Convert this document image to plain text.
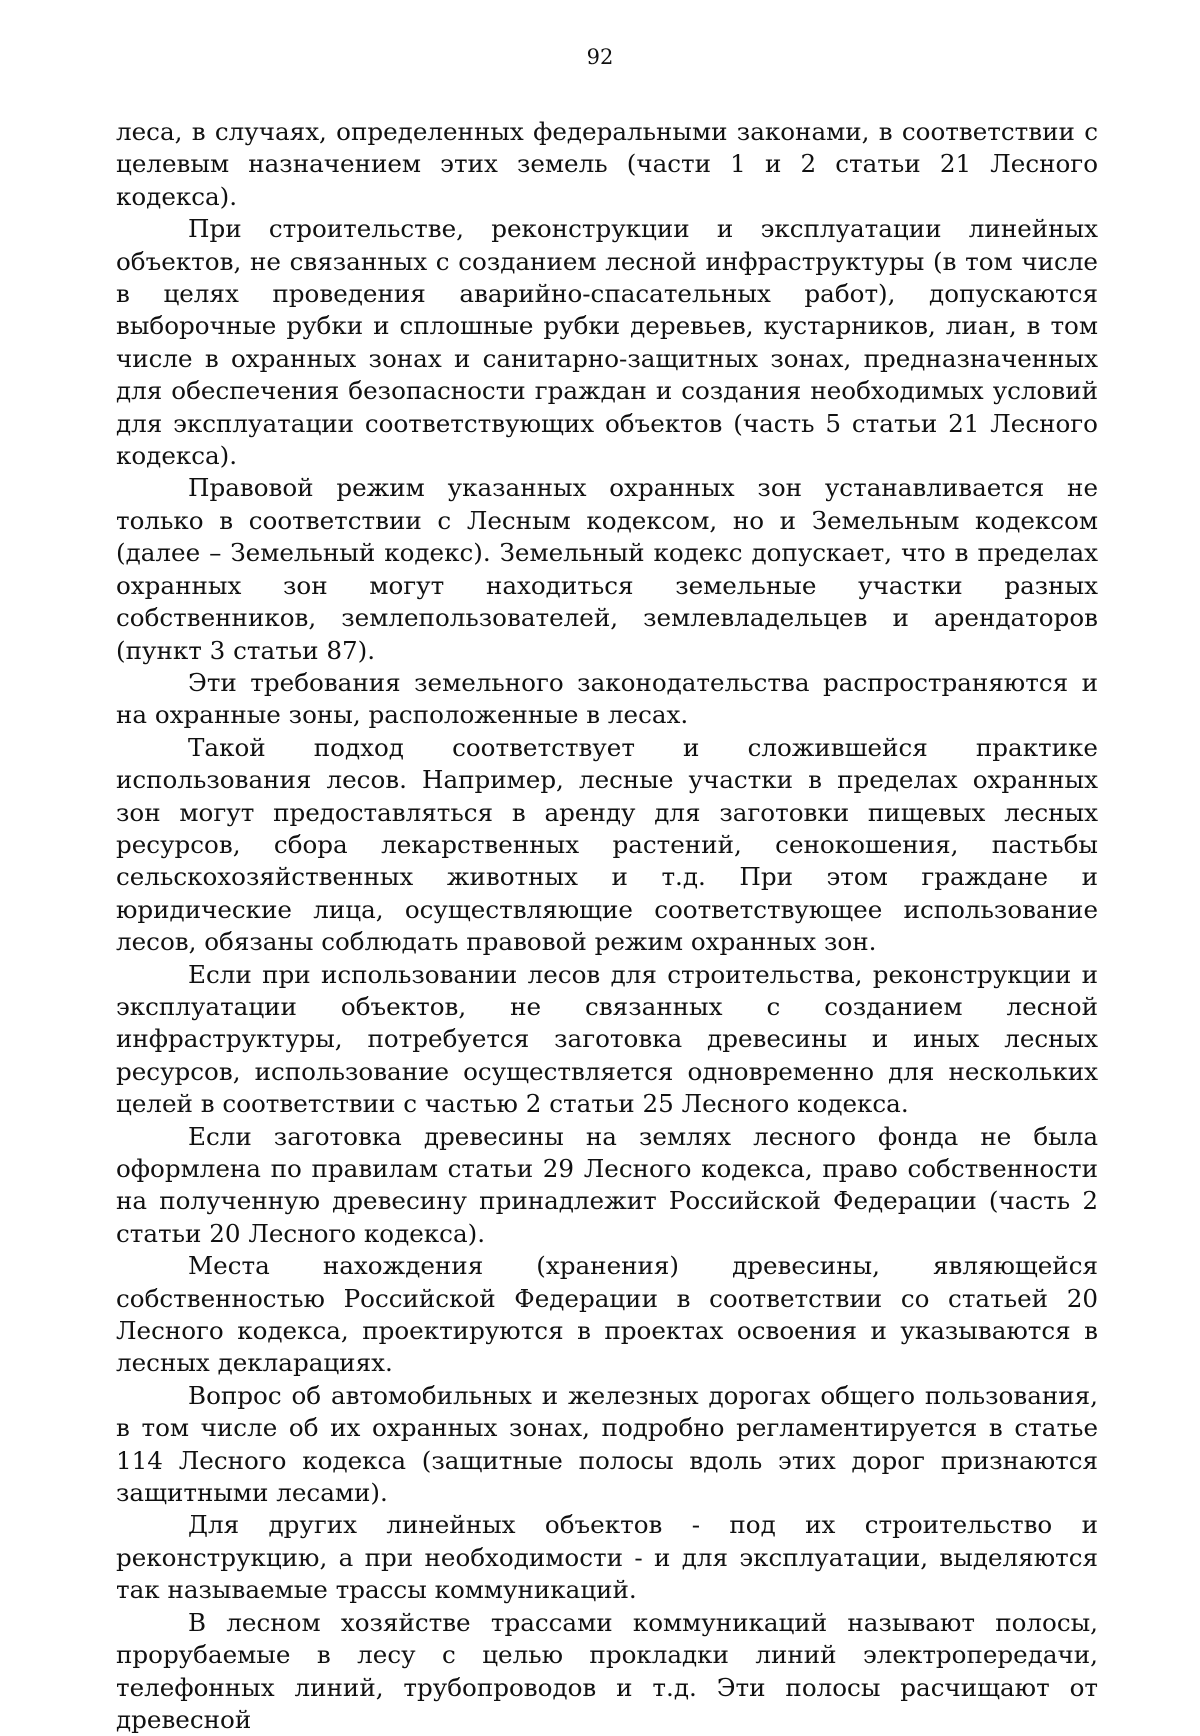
92

леса, в случаях, определенных федеральными законами, в соответствии с целевым назначением этих земель (части 1 и 2 статьи 21 Лесного кодекса).

При строительстве, реконструкции и эксплуатации линейных объектов, не связанных с созданием лесной инфраструктуры (в том числе в целях проведения аварийно-спасательных работ), допускаются выборочные рубки и сплошные рубки деревьев, кустарников, лиан, в том числе в охранных зонах и санитарно-защитных зонах, предназначенных для обеспечения безопасности граждан и создания необходимых условий для эксплуатации соответствующих объектов (часть 5 статьи 21 Лесного кодекса).

Правовой режим указанных охранных зон устанавливается не только в соответствии с Лесным кодексом, но и Земельным кодексом (далее – Земельный кодекс). Земельный кодекс допускает, что в пределах охранных зон могут находиться земельные участки разных собственников, землепользователей, землевладельцев и арендаторов (пункт 3 статьи 87).

Эти требования земельного законодательства распространяются и на охранные зоны, расположенные в лесах.

Такой подход соответствует и сложившейся практике использования лесов. Например, лесные участки в пределах охранных зон могут предоставляться в аренду для заготовки пищевых лесных ресурсов, сбора лекарственных растений, сенокошения, пастьбы сельскохозяйственных животных и т.д. При этом граждане и юридические лица, осуществляющие соответствующее использование лесов, обязаны соблюдать правовой режим охранных зон.

Если при использовании лесов для строительства, реконструкции и эксплуатации объектов, не связанных с созданием лесной инфраструктуры, потребуется заготовка древесины и иных лесных ресурсов, использование осуществляется одновременно для нескольких целей в соответствии с частью 2 статьи 25 Лесного кодекса.

Если заготовка древесины на землях лесного фонда не была оформлена по правилам статьи 29 Лесного кодекса, право собственности на полученную древесину принадлежит Российской Федерации (часть 2 статьи 20 Лесного кодекса).

Места нахождения (хранения) древесины, являющейся собственностью Российской Федерации в соответствии со статьей 20 Лесного кодекса, проектируются в проектах освоения и указываются в лесных декларациях.

Вопрос об автомобильных и железных дорогах общего пользования, в том числе об их охранных зонах, подробно регламентируется в статье 114 Лесного кодекса (защитные полосы вдоль этих дорог признаются защитными лесами).

Для других линейных объектов - под их строительство и реконструкцию, а при необходимости - и для эксплуатации, выделяются так называемые трассы коммуникаций.

В лесном хозяйстве трассами коммуникаций называют полосы, прорубаемые в лесу с целью прокладки линий электропередачи, телефонных линий, трубопроводов и т.д. Эти полосы расчищают от древесной
